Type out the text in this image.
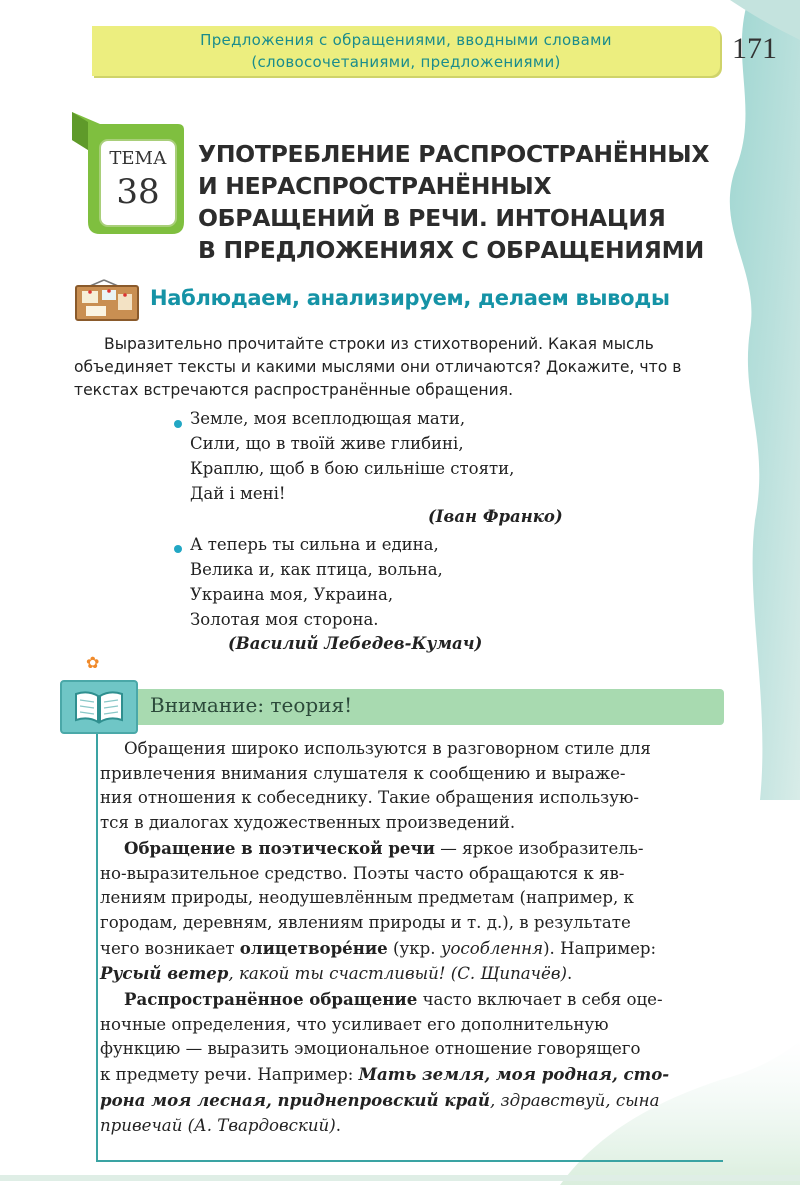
Предложения с обращениями, вводными словами
(словосочетаниями, предложениями)	171
ТЕМА
38
УПОТРЕБЛЕНИЕ РАСПРОСТРАНЁННЫХ
И НЕРАСПРОСТРАНЁННЫХ
ОБРАЩЕНИЙ В РЕЧИ. ИНТОНАЦИЯ
В ПРЕДЛОЖЕНИЯХ С ОБРАЩЕНИЯМИ
Наблюдаем, анализируем, делаем выводы

Выразительно прочитайте строки из стихотворений. Какая мысль
объединяет тексты и какими мыслями они отличаются? Докажите, что в
текстах встречаются распространённые обращения.

Земле, моя всеплодющая мати,
Сили, що в твоїй живе глибині,
Краплю, щоб в бою сильніше стояти,
Дай і мені!
(Іван Франко)
А теперь ты сильна и едина,
Велика и, как птица, вольна,
Украина моя, Украина,
Золотая моя сторона.
(Василий Лебедев-Кумач)
✿
Внимание: теория!
Обращения широко используются в разговорном стиле для
привлечения внимания слушателя к сообщению и выраже-
ния отношения к собеседнику. Такие обращения использую-
тся в диалогах художественных произведений.
Обращение в поэтической речи — яркое изобразитель-
но-выразительное средство. Поэты часто обращаются к яв-
лениям природы, неодушевлённым предметам (например, к
городам, деревням, явлениям природы и т. д.), в результате
чего возникает олицетворе́ние (укр. уособлення). Например:
Русый ветер, какой ты счастливый! (С. Щипачёв).
Распространённое обращение часто включает в себя оце-
ночные определения, что усиливает его дополнительную
функцию — выразить эмоциональное отношение говорящего
к предмету речи. Например: Мать земля, моя родная, сто-
рона моя лесная, приднепровский край, здравствуй, сына
привечай (А. Твардовский).
